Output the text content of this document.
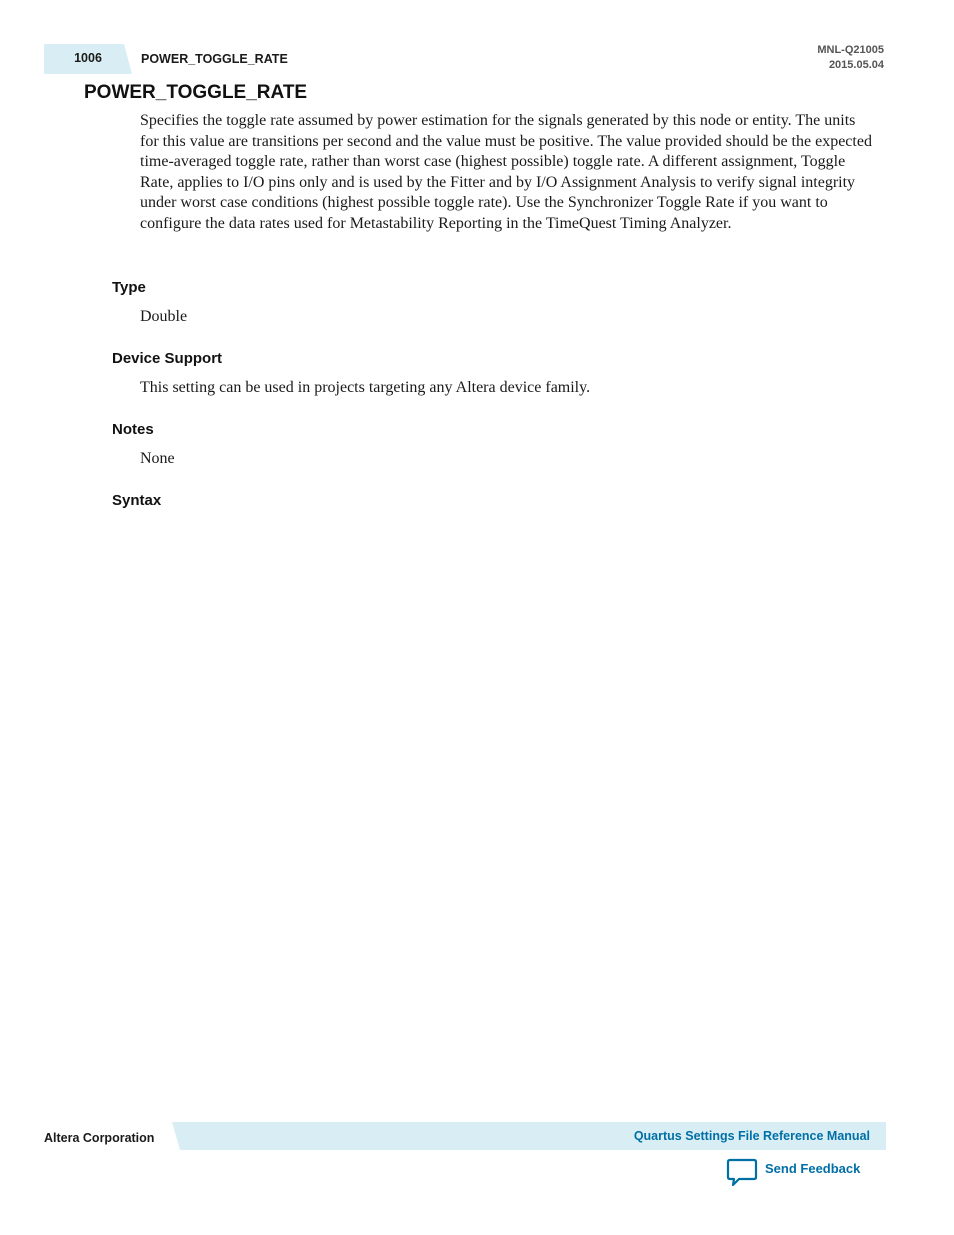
1006	POWER_TOGGLE_RATE
MNL-Q21005
2015.05.04
POWER_TOGGLE_RATE

Specifies the toggle rate assumed by power estimation for the signals generated by this node or entity. The units for this value are transitions per second and the value must be positive. The value provided should be the expected time-averaged toggle rate, rather than worst case (highest possible) toggle rate. A different assignment, Toggle Rate, applies to I/O pins only and is used by the Fitter and by I/O Assignment Analysis to verify signal integrity under worst case conditions (highest possible toggle rate). Use the Synchronizer Toggle Rate if you want to configure the data rates used for Metastability Reporting in the TimeQuest Timing Analyzer.

Type

Double

Device Support

This setting can be used in projects targeting any Altera device family.

Notes

None

Syntax
Altera Corporation	Quartus Settings File Reference Manual
Send Feedback
